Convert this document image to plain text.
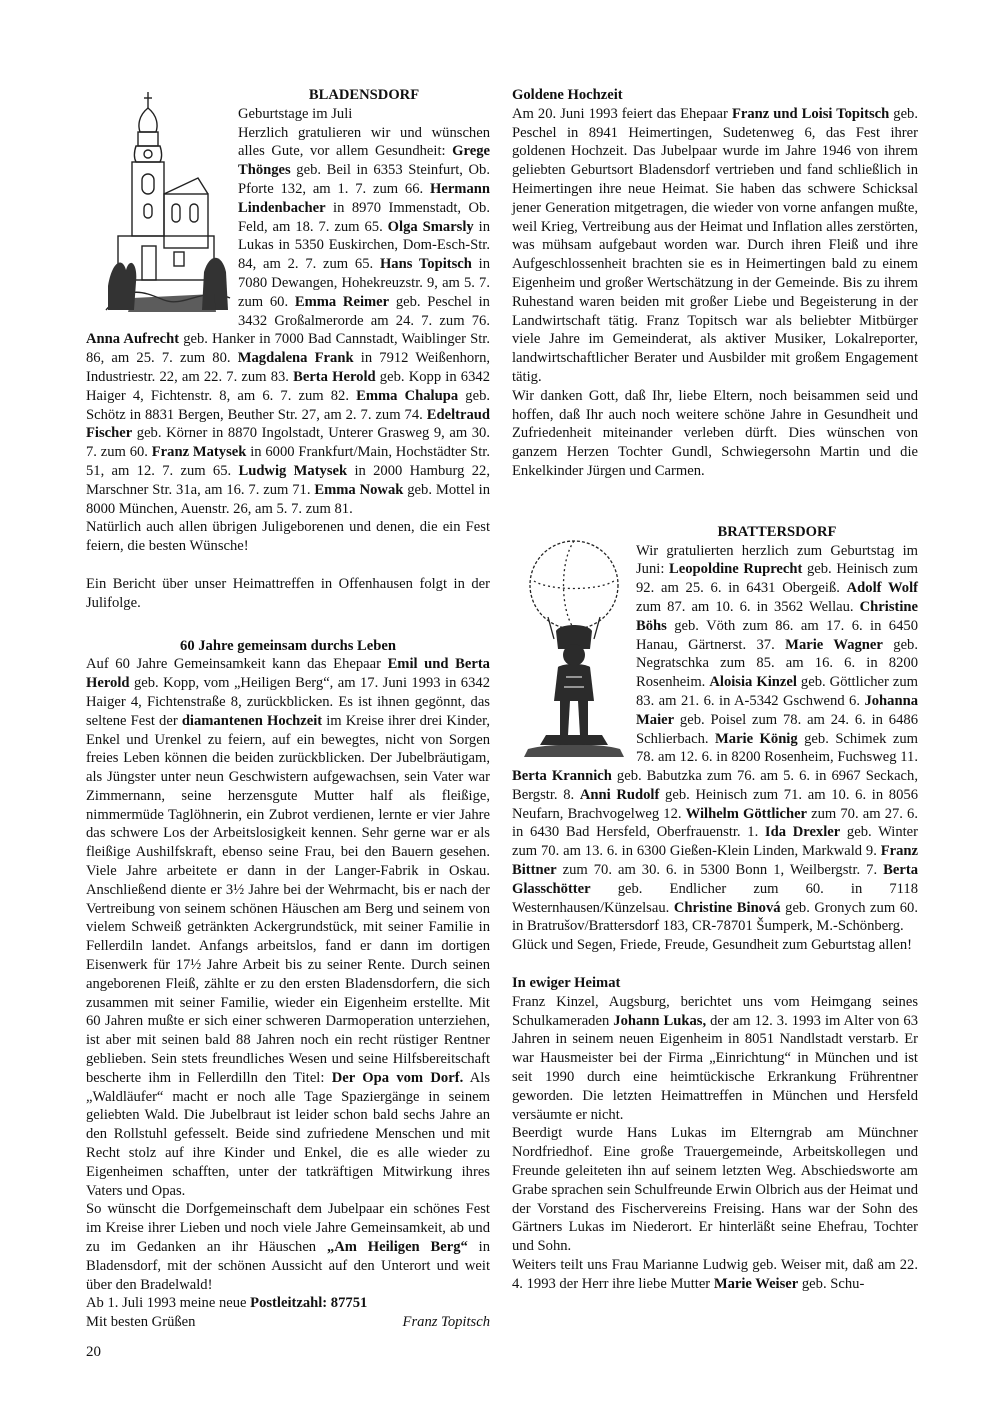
BLADENSDORF

Geburtstage im Juli

Herzlich gratulieren wir und wünschen alles Gute, vor allem Gesundheit: Grege Thönges geb. Beil in 6353 Steinfurt, Ob. Pforte 132, am 1. 7. zum 66. Hermann Lindenbacher in 8970 Immenstadt, Ob. Feld, am 18. 7. zum 65. Olga Smarsly in Lukas in 5350 Euskirchen, Dom-Esch-Str. 84, am 2. 7. zum 65. Hans Topitsch in 7080 Dewangen, Hohekreuzstr. 9, am 5. 7. zum 60. Emma Reimer geb. Peschel in 3432 Großalmerorde am 24. 7. zum 76. Anna Aufrecht geb. Hanker in 7000 Bad Cannstadt, Waiblinger Str. 86, am 25. 7. zum 80. Magdalena Frank in 7912 Weißenhorn, Industriestr. 22, am 22. 7. zum 83. Berta Herold geb. Kopp in 6342 Haiger 4, Fichtenstr. 8, am 6. 7. zum 82. Emma Chalupa geb. Schötz in 8831 Bergen, Beuther Str. 27, am 2. 7. zum 74. Edeltraud Fischer geb. Körner in 8870 Ingolstadt, Unterer Grasweg 9, am 30. 7. zum 60. Franz Matysek in 6000 Frankfurt/Main, Hochstädter Str. 51, am 12. 7. zum 65. Ludwig Matysek in 2000 Hamburg 22, Marschner Str. 31a, am 16. 7. zum 71. Emma Nowak geb. Mottel in 8000 München, Auenstr. 26, am 5. 7. zum 81.

Natürlich auch allen übrigen Juligeborenen und denen, die ein Fest feiern, die besten Wünsche!

Ein Bericht über unser Heimattreffen in Offenhausen folgt in der Julifolge.

60 Jahre gemeinsam durchs Leben

Auf 60 Jahre Gemeinsamkeit kann das Ehepaar Emil und Berta Herold geb. Kopp, vom „Heiligen Berg“, am 17. Juni 1993 in 6342 Haiger 4, Fichtenstraße 8, zurückblicken. Es ist ihnen gegönnt, das seltene Fest der diamantenen Hochzeit im Kreise ihrer drei Kinder, Enkel und Urenkel zu feiern, auf ein bewegtes, nicht von Sorgen freies Leben können die beiden zurückblicken. Der Jubelbräutigam, als Jüngster unter neun Geschwistern aufgewachsen, sein Vater war Zimmernann, seine herzensgute Mutter half als fleißige, nimmermüde Taglöhnerin, ein Zubrot verdienen, lernte er vier Jahre das schwere Los der Arbeitslosigkeit kennen. Sehr gerne war er als fleißige Aushilfskraft, ebenso seine Frau, bei den Bauern gesehen. Viele Jahre arbeitete er dann in der Langer-Fabrik in Oskau. Anschließend diente er 3½ Jahre bei der Wehrmacht, bis er nach der Vertreibung von seinem schönen Häuschen am Berg und seinem von vielem Schweiß getränkten Ackergrundstück, mit seiner Familie in Fellerdiln landet. Anfangs arbeitslos, fand er dann im dortigen Eisenwerk für 17½ Jahre Arbeit bis zu seiner Rente. Durch seinen angeborenen Fleiß, zählte er zu den ersten Bladensdorfern, die sich zusammen mit seiner Familie, wieder ein Eigenheim erstellte. Mit 60 Jahren mußte er sich einer schweren Darmoperation unterziehen, ist aber mit seinen bald 88 Jahren noch ein recht rüstiger Rentner geblieben. Sein stets freundliches Wesen und seine Hilfsbereitschaft bescherte ihm in Fellerdilln den Titel: Der Opa vom Dorf. Als „Waldläufer“ macht er noch alle Tage Spaziergänge in seinem geliebten Wald. Die Jubelbraut ist leider schon bald sechs Jahre an den Rollstuhl gefesselt. Beide sind zufriedene Menschen und mit Recht stolz auf ihre Kinder und Enkel, die es alle wieder zu Eigenheimen schafften, unter der tatkräftigen Mitwirkung ihres Vaters und Opas.

So wünscht die Dorfgemeinschaft dem Jubelpaar ein schönes Fest im Kreise ihrer Lieben und noch viele Jahre Gemeinsamkeit, ab und zu im Gedanken an ihr Häuschen „Am Heiligen Berg“ in Bladensdorf, mit der schönen Aussicht auf den Unterort und weit über den Bradelwald!

Ab 1. Juli 1993 meine neue Postleitzahl: 87751

Mit besten Grüßen	Franz Topitsch

Goldene Hochzeit

Am 20. Juni 1993 feiert das Ehepaar Franz und Loisi Topitsch geb. Peschel in 8941 Heimertingen, Sudetenweg 6, das Fest ihrer goldenen Hochzeit. Das Jubelpaar wurde im Jahre 1946 von ihrem geliebten Geburtsort Bladensdorf vertrieben und fand schließlich in Heimertingen ihre neue Heimat. Sie haben das schwere Schicksal jener Generation mitgetragen, die wieder von vorne anfangen mußte, weil Krieg, Vertreibung aus der Heimat und Inflation alles zerstörten, was mühsam aufgebaut worden war. Durch ihren Fleiß und ihre Aufgeschlossenheit brachten sie es in Heimertingen bald zu einem Eigenheim und großer Wertschätzung in der Gemeinde. Bis zu ihrem Ruhestand waren beiden mit großer Liebe und Begeisterung in der Landwirtschaft tätig. Franz Topitsch war als beliebter Mitbürger viele Jahre im Gemeinderat, als aktiver Musiker, Lokalreporter, landwirtschaftlicher Berater und Ausbilder mit großem Engagement tätig.

Wir danken Gott, daß Ihr, liebe Eltern, noch beisammen seid und hoffen, daß Ihr auch noch weitere schöne Jahre in Gesundheit und Zufriedenheit miteinander verleben dürft. Dies wünschen von ganzem Herzen Tochter Gundl, Schwiegersohn Martin und die Enkelkinder Jürgen und Carmen.

BRATTERSDORF

Wir gratulierten herzlich zum Geburtstag im Juni: Leopoldine Ruprecht geb. Heinisch zum 92. am 25. 6. in 6431 Obergeiß. Adolf Wolf zum 87. am 10. 6. in 3562 Wellau. Christine Böhs geb. Vöth zum 86. am 17. 6. in 6450 Hanau, Gärtnerst. 37. Marie Wagner geb. Negratschka zum 85. am 16. 6. in 8200 Rosenheim. Aloisia Kinzel geb. Göttlicher zum 83. am 21. 6. in A-5342 Gschwend 6. Johanna Maier geb. Poisel zum 78. am 24. 6. in 6486 Schlierbach. Marie König geb. Schimek zum 78. am 12. 6. in 8200 Rosenheim, Fuchsweg 11. Berta Krannich geb. Babutzka zum 76. am 5. 6. in 6967 Seckach, Bergstr. 8. Anni Rudolf geb. Heinisch zum 71. am 10. 6. in 8056 Neufarn, Brachvogelweg 12. Wilhelm Göttlicher zum 70. am 27. 6. in 6430 Bad Hersfeld, Oberfrauenstr. 1. Ida Drexler geb. Winter zum 70. am 13. 6. in 6300 Gießen-Klein Linden, Markwald 9. Franz Bittner zum 70. am 30. 6. in 5300 Bonn 1, Weilbergstr. 7. Berta Glasschötter geb. Endlicher zum 60. in 7118 Westernhausen/Künzelsau. Christine Binová geb. Gronych zum 60. in Bratrušov/Brattersdorf 183, CR-78701 Šumperk, M.-Schönberg.

Glück und Segen, Friede, Freude, Gesundheit zum Geburtstag allen!

In ewiger Heimat

Franz Kinzel, Augsburg, berichtet uns vom Heimgang seines Schulkameraden Johann Lukas, der am 12. 3. 1993 im Alter von 63 Jahren in seinem neuen Eigenheim in 8051 Nandlstadt verstarb. Er war Hausmeister bei der Firma „Einrichtung“ in München und ist seit 1990 durch eine heimtückische Erkrankung Frührentner geworden. Die letzten Heimattreffen in München und Hersfeld versäumte er nicht.

Beerdigt wurde Hans Lukas im Elterngrab am Münchner Nordfriedhof. Eine große Trauergemeinde, Arbeitskollegen und Freunde geleiteten ihn auf seinem letzten Weg. Abschiedsworte am Grabe sprachen sein Schulfreunde Erwin Olbrich aus der Heimat und der Vorstand des Fischervereins Freising. Hans war der Sohn des Gärtners Lukas im Niederort. Er hinterläßt seine Ehefrau, Tochter und Sohn.

Weiters teilt uns Frau Marianne Ludwig geb. Weiser mit, daß am 22. 4. 1993 der Herr ihre liebe Mutter Marie Weiser geb. Schu-

20
